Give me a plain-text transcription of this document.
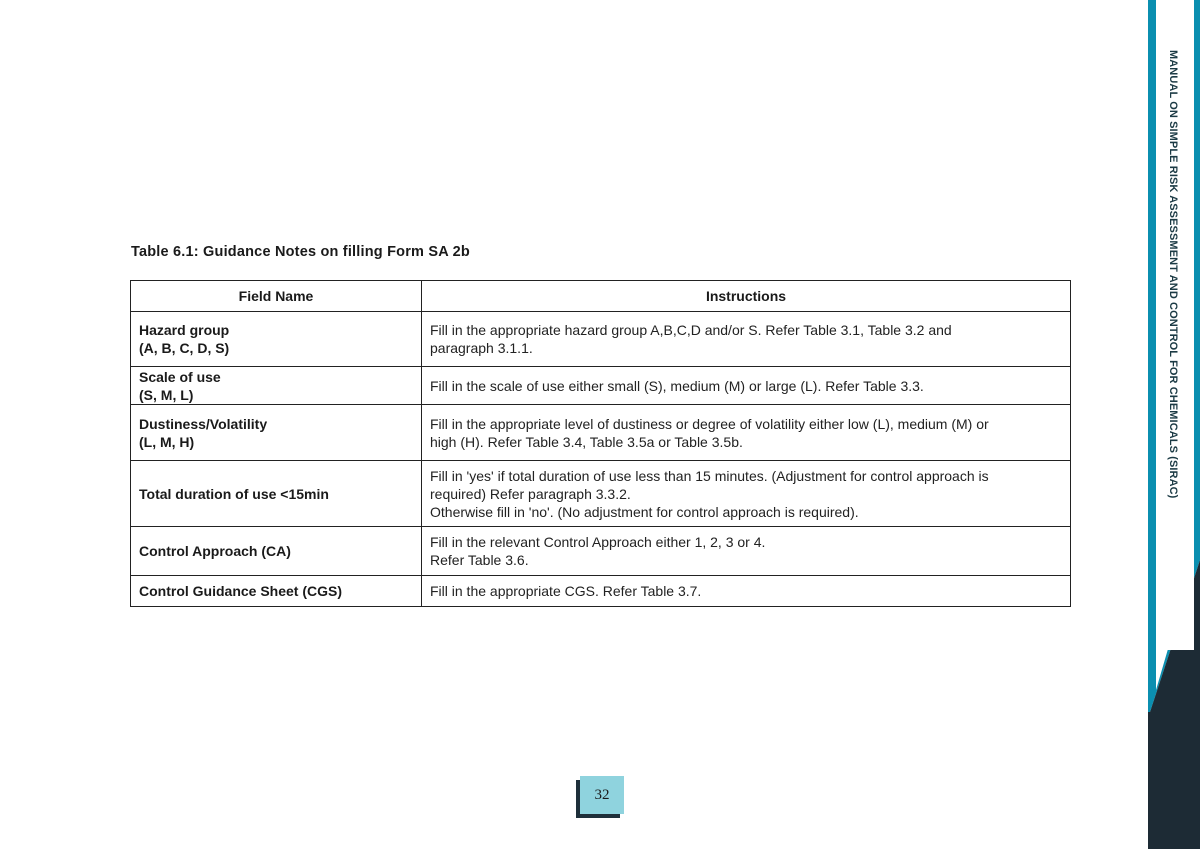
Table 6.1: Guidance Notes on filling Form SA 2b
Field Name	Instructions

Hazard group
(A, B, C, D, S)	Fill in the appropriate hazard group A,B,C,D and/or S. Refer Table 3.1, Table 3.2 and
paragraph 3.1.1.

Scale of use
(S, M, L)	Fill in the scale of use either small (S), medium (M) or large (L). Refer Table 3.3.

Dustiness/Volatility
(L, M, H)	Fill in the appropriate level of dustiness or degree of volatility either low (L), medium (M) or
high (H). Refer Table 3.4, Table 3.5a or Table 3.5b.

Total duration of use <15min	Fill in 'yes' if total duration of use less than 15 minutes. (Adjustment for control approach is
required) Refer paragraph 3.3.2.
Otherwise fill in 'no'. (No adjustment for control approach is required).

Control Approach (CA)	Fill in the relevant Control Approach either 1, 2, 3 or 4.
Refer Table 3.6.

Control Guidance Sheet (CGS)	Fill in the appropriate CGS. Refer Table 3.7.
32
MANUAL ON SIMPLE RISK ASSESSMENT AND CONTROL FOR CHEMICALS (SIRAC)
